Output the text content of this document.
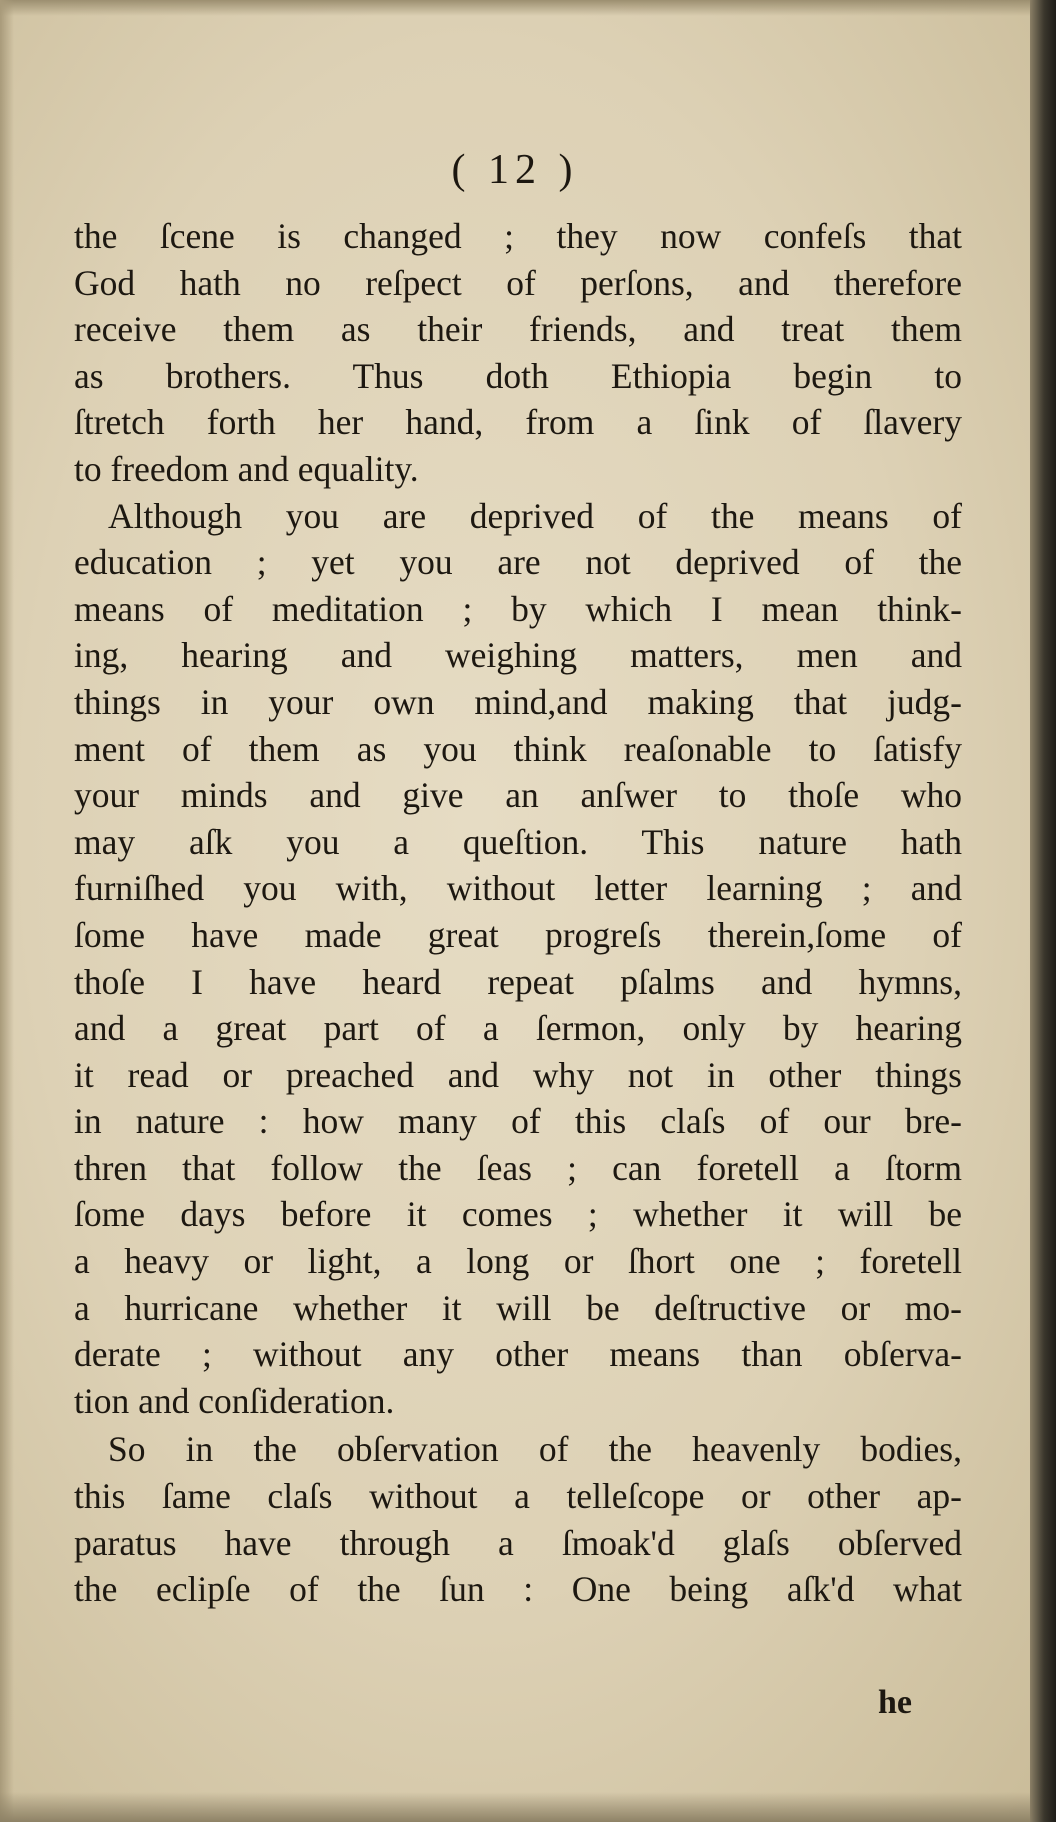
( 12 )
the ſcene is changed ; they now confeſs that
God hath no reſpect of perſons, and therefore
receive them as their friends, and treat them
as brothers. Thus doth Ethiopia begin to
ſtretch forth her hand, from a ſink of ſlavery
to freedom and equality.
Although you are deprived of the means of
education ; yet you are not deprived of the
means of meditation ; by which I mean think-
ing, hearing and weighing matters, men and
things in your own mind,and making that judg-
ment of them as you think reaſonable to ſatisfy
your minds and give an anſwer to thoſe who
may aſk you a queſtion. This nature hath
furniſhed you with, without letter learning ; and
ſome have made great progreſs therein,ſome of
thoſe I have heard repeat pſalms and hymns,
and a great part of a ſermon, only by hearing
it read or preached and why not in other things
in nature : how many of this claſs of our bre-
thren that follow the ſeas ; can foretell a ſtorm
ſome days before it comes ; whether it will be
a heavy or light, a long or ſhort one ; foretell
a hurricane whether it will be deſtructive or mo-
derate ; without any other means than obſerva-
tion and conſideration.
So in the obſervation of the heavenly bodies,
this ſame claſs without a telleſcope or other ap-
paratus have through a ſmoak'd glaſs obſerved
the eclipſe of the ſun : One being aſk'd what
he
